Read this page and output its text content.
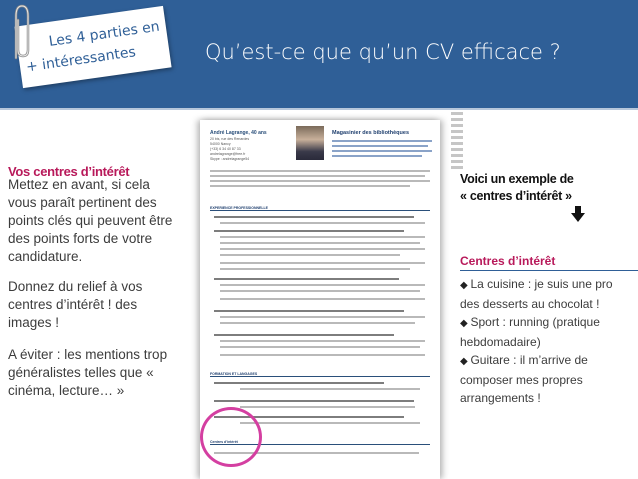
Les 4 parties en
+ intéressantes	Qu’est-ce que qu’un CV efficace ?
Vos centres d’intérêt
Mettez en avant, si cela vous paraît pertinent des points clés qui peuvent être des points forts de votre candidature.
Donnez du relief à vos centres d’intérêt ! des images !
A éviter : les mentions trop généralistes telles que « cinéma, lecture… »
André Lagrange, 40 ans
20 bis, rue des Renardes
54000 Nancy
(+33) 6 34 40 87 33
andrelagrange@free.fr
Skype : andrelagrange54
Magasinier des bibliothèques
EXPERIENCE PROFESSIONNELLE
FORMATION ET LANGAGES
Centres d’intérêt
Voici un exemple de
« centres d’intérêt »
Centres d’intérêt
◆ La cuisine : je suis une pro des desserts au chocolat !
◆ Sport : running (pratique hebdomadaire)
◆ Guitare : il m’arrive de composer mes propres arrangements !
